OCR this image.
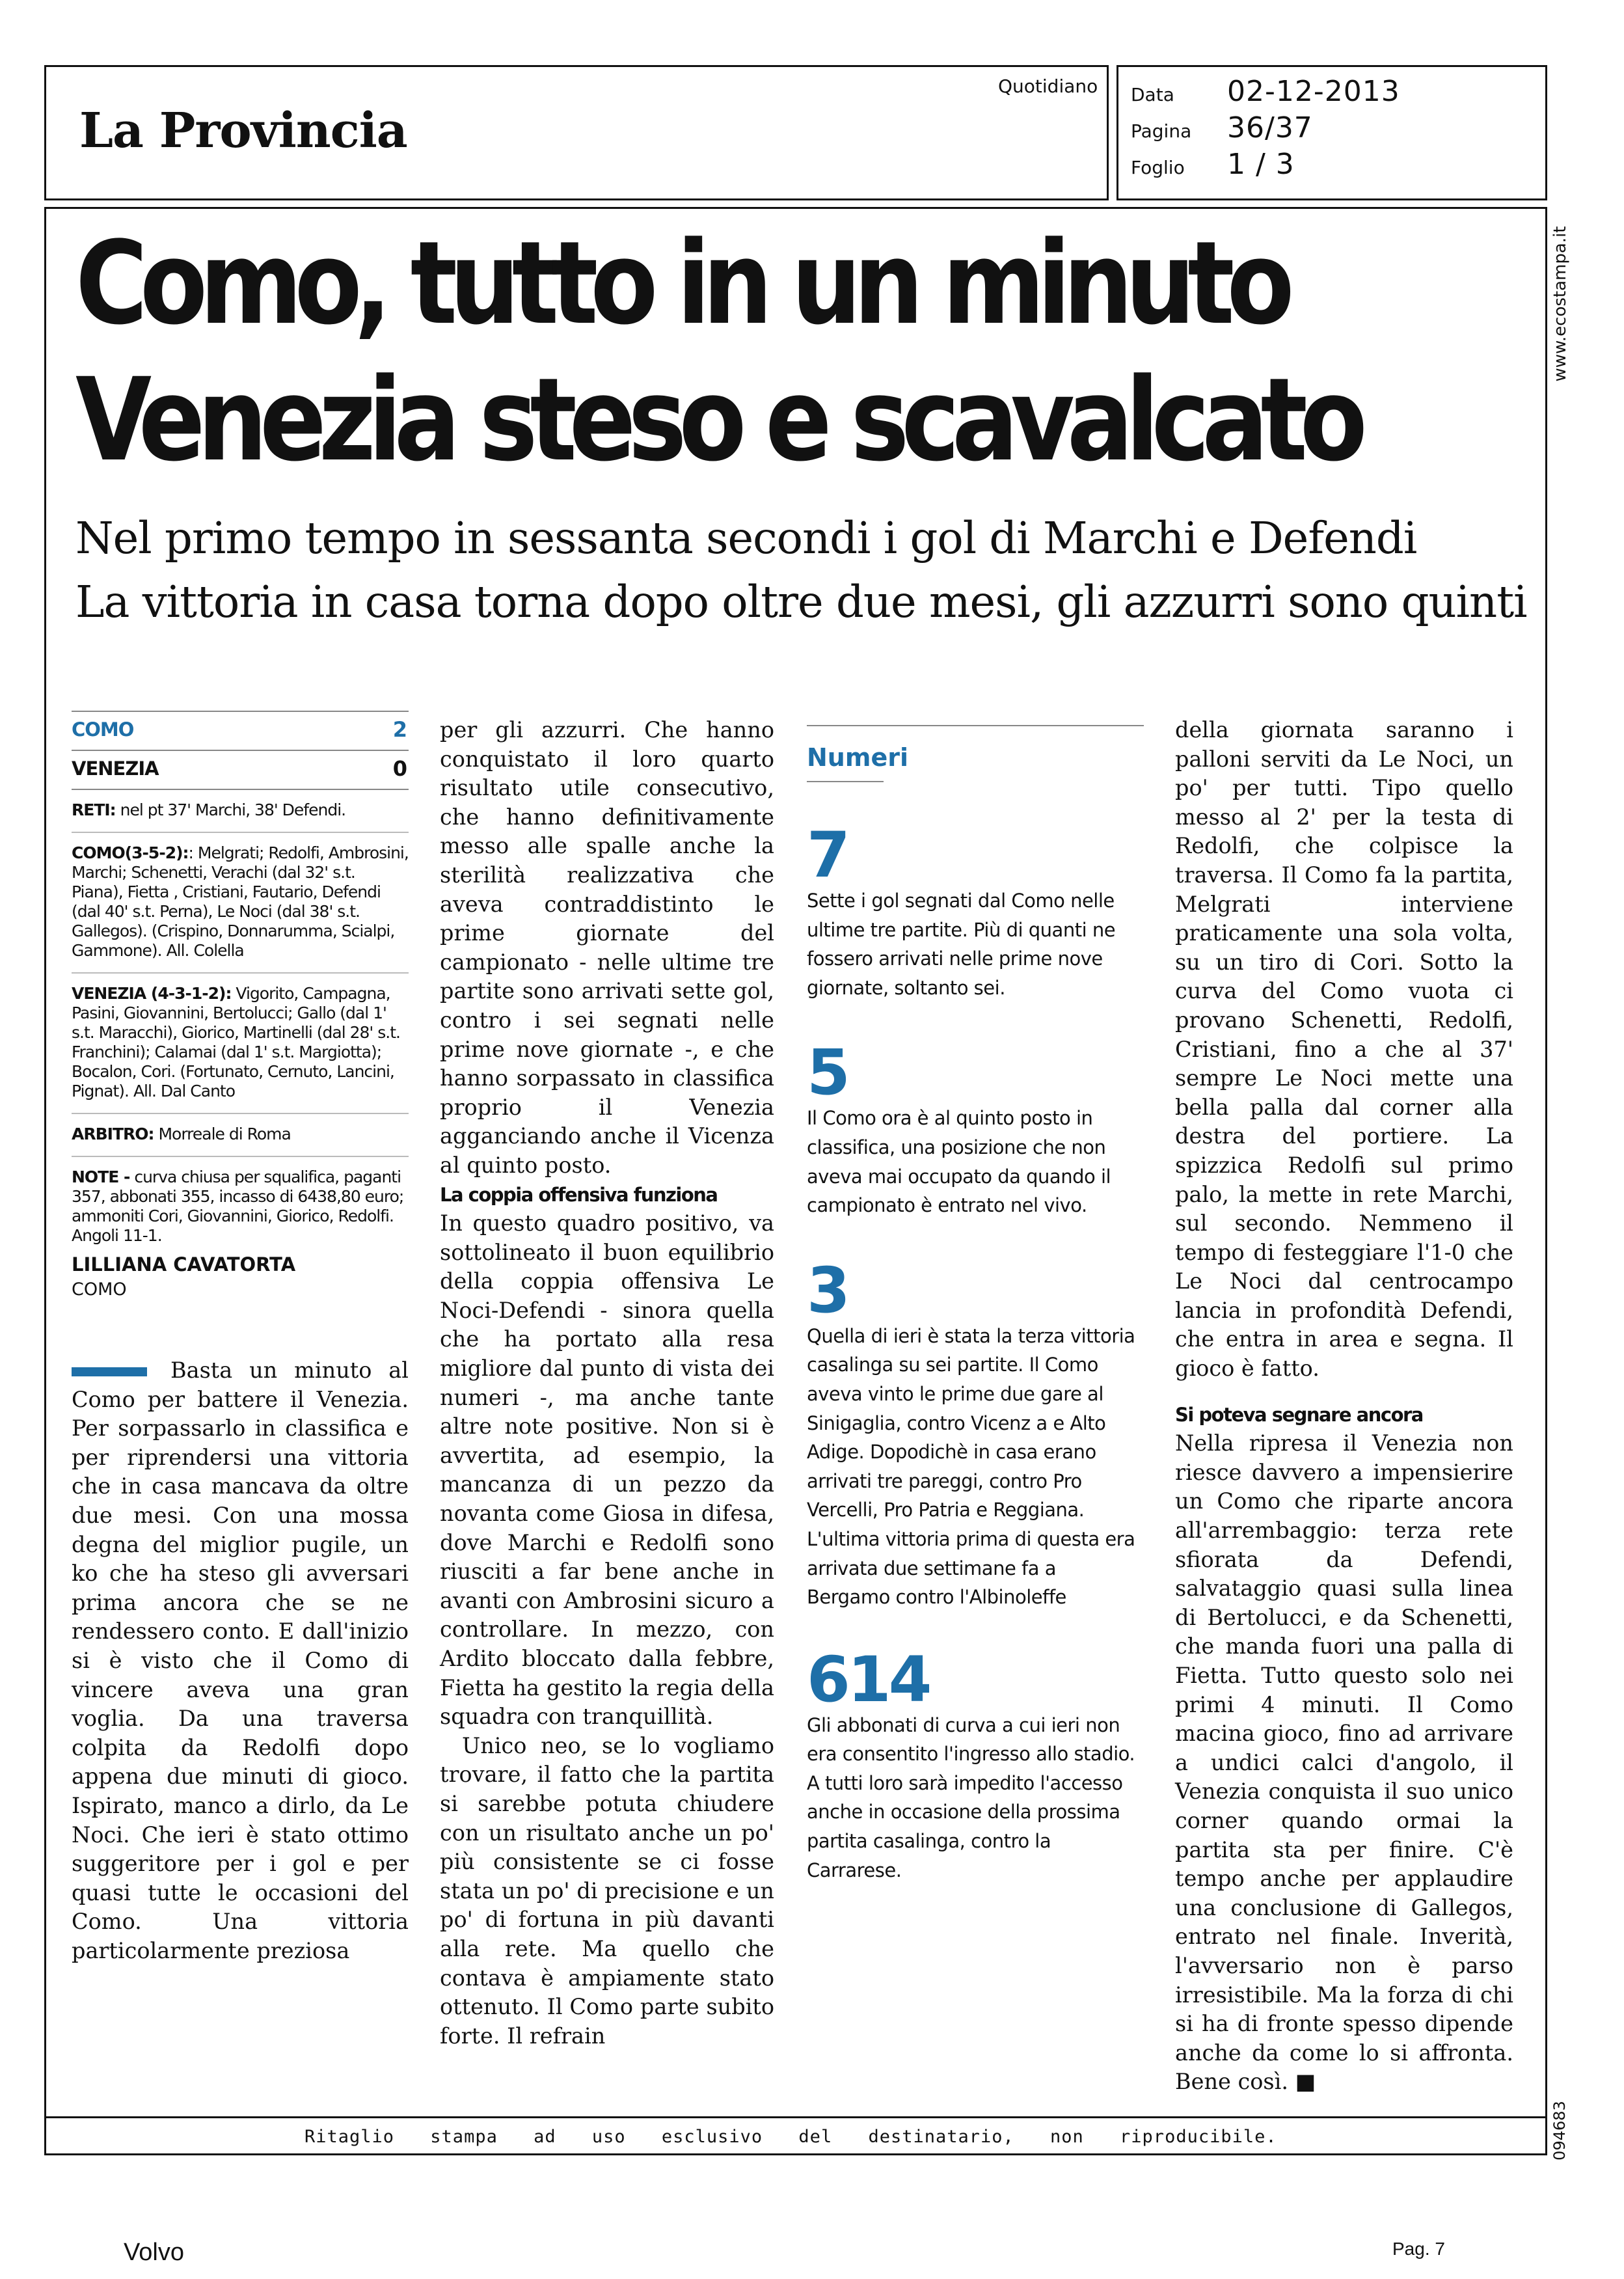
La Provincia
Quotidiano Data 02-12-2013
Pagina 36/37
Foglio 1 / 3
www.ecostampa.it
094683
Como, tutto in un minuto
Venezia steso e scavalcato
Nel primo tempo in sessanta secondi i gol di Marchi e Defendi
La vittoria in casa torna dopo oltre due mesi, gli azzurri sono quinti
COMO	2
VENEZIA	0
RETI: nel pt 37' Marchi, 38' Defendi.
COMO(3-5-2):: Melgrati; Redolfi, Ambrosini, Marchi; Schenetti, Verachi (dal 32' s.t. Piana), Fietta , Cristiani, Fautario, Defendi (dal 40' s.t. Perna), Le Noci (dal 38' s.t. Gallegos). (Crispino, Donnarumma, Scialpi, Gammone). All. Colella
VENEZIA (4-3-1-2): Vigorito, Campagna, Pasini, Giovannini, Bertolucci; Gallo (dal 1' s.t. Maracchi), Giorico, Martinelli (dal 28' s.t. Franchini); Calamai (dal 1' s.t. Margiotta); Bocalon, Cori. (Fortunato, Cernuto, Lancini, Pignat). All. Dal Canto
ARBITRO: Morreale di Roma
NOTE - curva chiusa per squalifica, paganti 357, abbonati 355, incasso di 6438,80 euro; ammoniti Cori, Giovannini, Giorico, Redolfi. Angoli 11-1.
LILLIANA CAVATORTA
COMO

Basta un minuto al Como per battere il Venezia. Per sorpassarlo in classifica e per riprendersi una vittoria che in casa mancava da oltre due mesi. Con una mossa degna del miglior pugile, un ko che ha steso gli avversari prima ancora che se ne rendessero conto. E dall'inizio si è visto che il Como di vincere aveva una gran voglia. Da una traversa colpita da Redolfi dopo appena due minuti di gioco. Ispirato, manco a dirlo, da Le Noci. Che ieri è stato ottimo suggeritore per i gol e per quasi tutte le occasioni del Como. Una vittoria particolarmente preziosa

per gli azzurri. Che hanno conquistato il loro quarto risultato utile consecutivo, che hanno definitivamente messo alle spalle anche la sterilità realizzativa che aveva contraddistinto le prime giornate del campionato - nelle ultime tre partite sono arrivati sette gol, contro i sei segnati nelle prime nove giornate -, e che hanno sorpassato in classifica proprio il Venezia agganciando anche il Vicenza al quinto posto.

La coppia offensiva funziona

In questo quadro positivo, va sottolineato il buon equilibrio della coppia offensiva Le Noci-Defendi - sinora quella che ha portato alla resa migliore dal punto di vista dei numeri -, ma anche tante altre note positive. Non si è avvertita, ad esempio, la mancanza di un pezzo da novanta come Giosa in difesa, dove Marchi e Redolfi sono riusciti a far bene anche in avanti con Ambrosini sicuro a controllare. In mezzo, con Ardito bloccato dalla febbre, Fietta ha gestito la regia della squadra con tranquillità.

Unico neo, se lo vogliamo trovare, il fatto che la partita si sarebbe potuta chiudere con un risultato anche un po' più consistente se ci fosse stata un po' di precisione e un po' di fortuna in più davanti alla rete. Ma quello che contava è ampiamente stato ottenuto. Il Como parte subito forte. Il refrain

Numeri
7
Sette i gol segnati dal Como nelle ultime tre partite. Più di quanti ne fossero arrivati nelle prime nove giornate, soltanto sei.
5
Il Como ora è al quinto posto in classifica, una posizione che non aveva mai occupato da quando il campionato è entrato nel vivo.
3
Quella di ieri è stata la terza vittoria casalinga su sei partite. Il Como aveva vinto le prime due gare al Sinigaglia, contro Vicenz a e Alto Adige. Dopodichè in casa erano arrivati tre pareggi, contro Pro Vercelli, Pro Patria e Reggiana. L'ultima vittoria prima di questa era arrivata due settimane fa a Bergamo contro l'Albinoleffe
614
Gli abbonati di curva a cui ieri non era consentito l'ingresso allo stadio. A tutti loro sarà impedito l'accesso anche in occasione della prossima partita casalinga, contro la Carrarese.

della giornata saranno i palloni serviti da Le Noci, un po' per tutti. Tipo quello messo al 2' per la testa di Redolfi, che colpisce la traversa. Il Como fa la partita, Melgrati interviene praticamente una sola volta, su un tiro di Cori. Sotto la curva del Como vuota ci provano Schenetti, Redolfi, Cristiani, fino a che al 37' sempre Le Noci mette una bella palla dal corner alla destra del portiere. La spizzica Redolfi sul primo palo, la mette in rete Marchi, sul secondo. Nemmeno il tempo di festeggiare l'1-0 che Le Noci dal centrocampo lancia in profondità Defendi, che entra in area e segna. Il gioco è fatto.

Si poteva segnare ancora

Nella ripresa il Venezia non riesce davvero a impensierire un Como che riparte ancora all'arrembaggio: terza rete sfiorata da Defendi, salvataggio quasi sulla linea di Bertolucci, e da Schenetti, che manda fuori una palla di Fietta. Tutto questo solo nei primi 4 minuti. Il Como macina gioco, fino ad arrivare a undici calci d'angolo, il Venezia conquista il suo unico corner quando ormai la partita sta per finire. C'è tempo anche per applaudire una conclusione di Gallegos, entrato nel finale. Inverità, l'avversario non è parso irresistibile. Ma la forza di chi si ha di fronte spesso dipende anche da come lo si affronta. Bene così. ■

Ritaglio stampa ad uso esclusivo del destinatario, non riproducibile.
Volvo	Pag. 7
